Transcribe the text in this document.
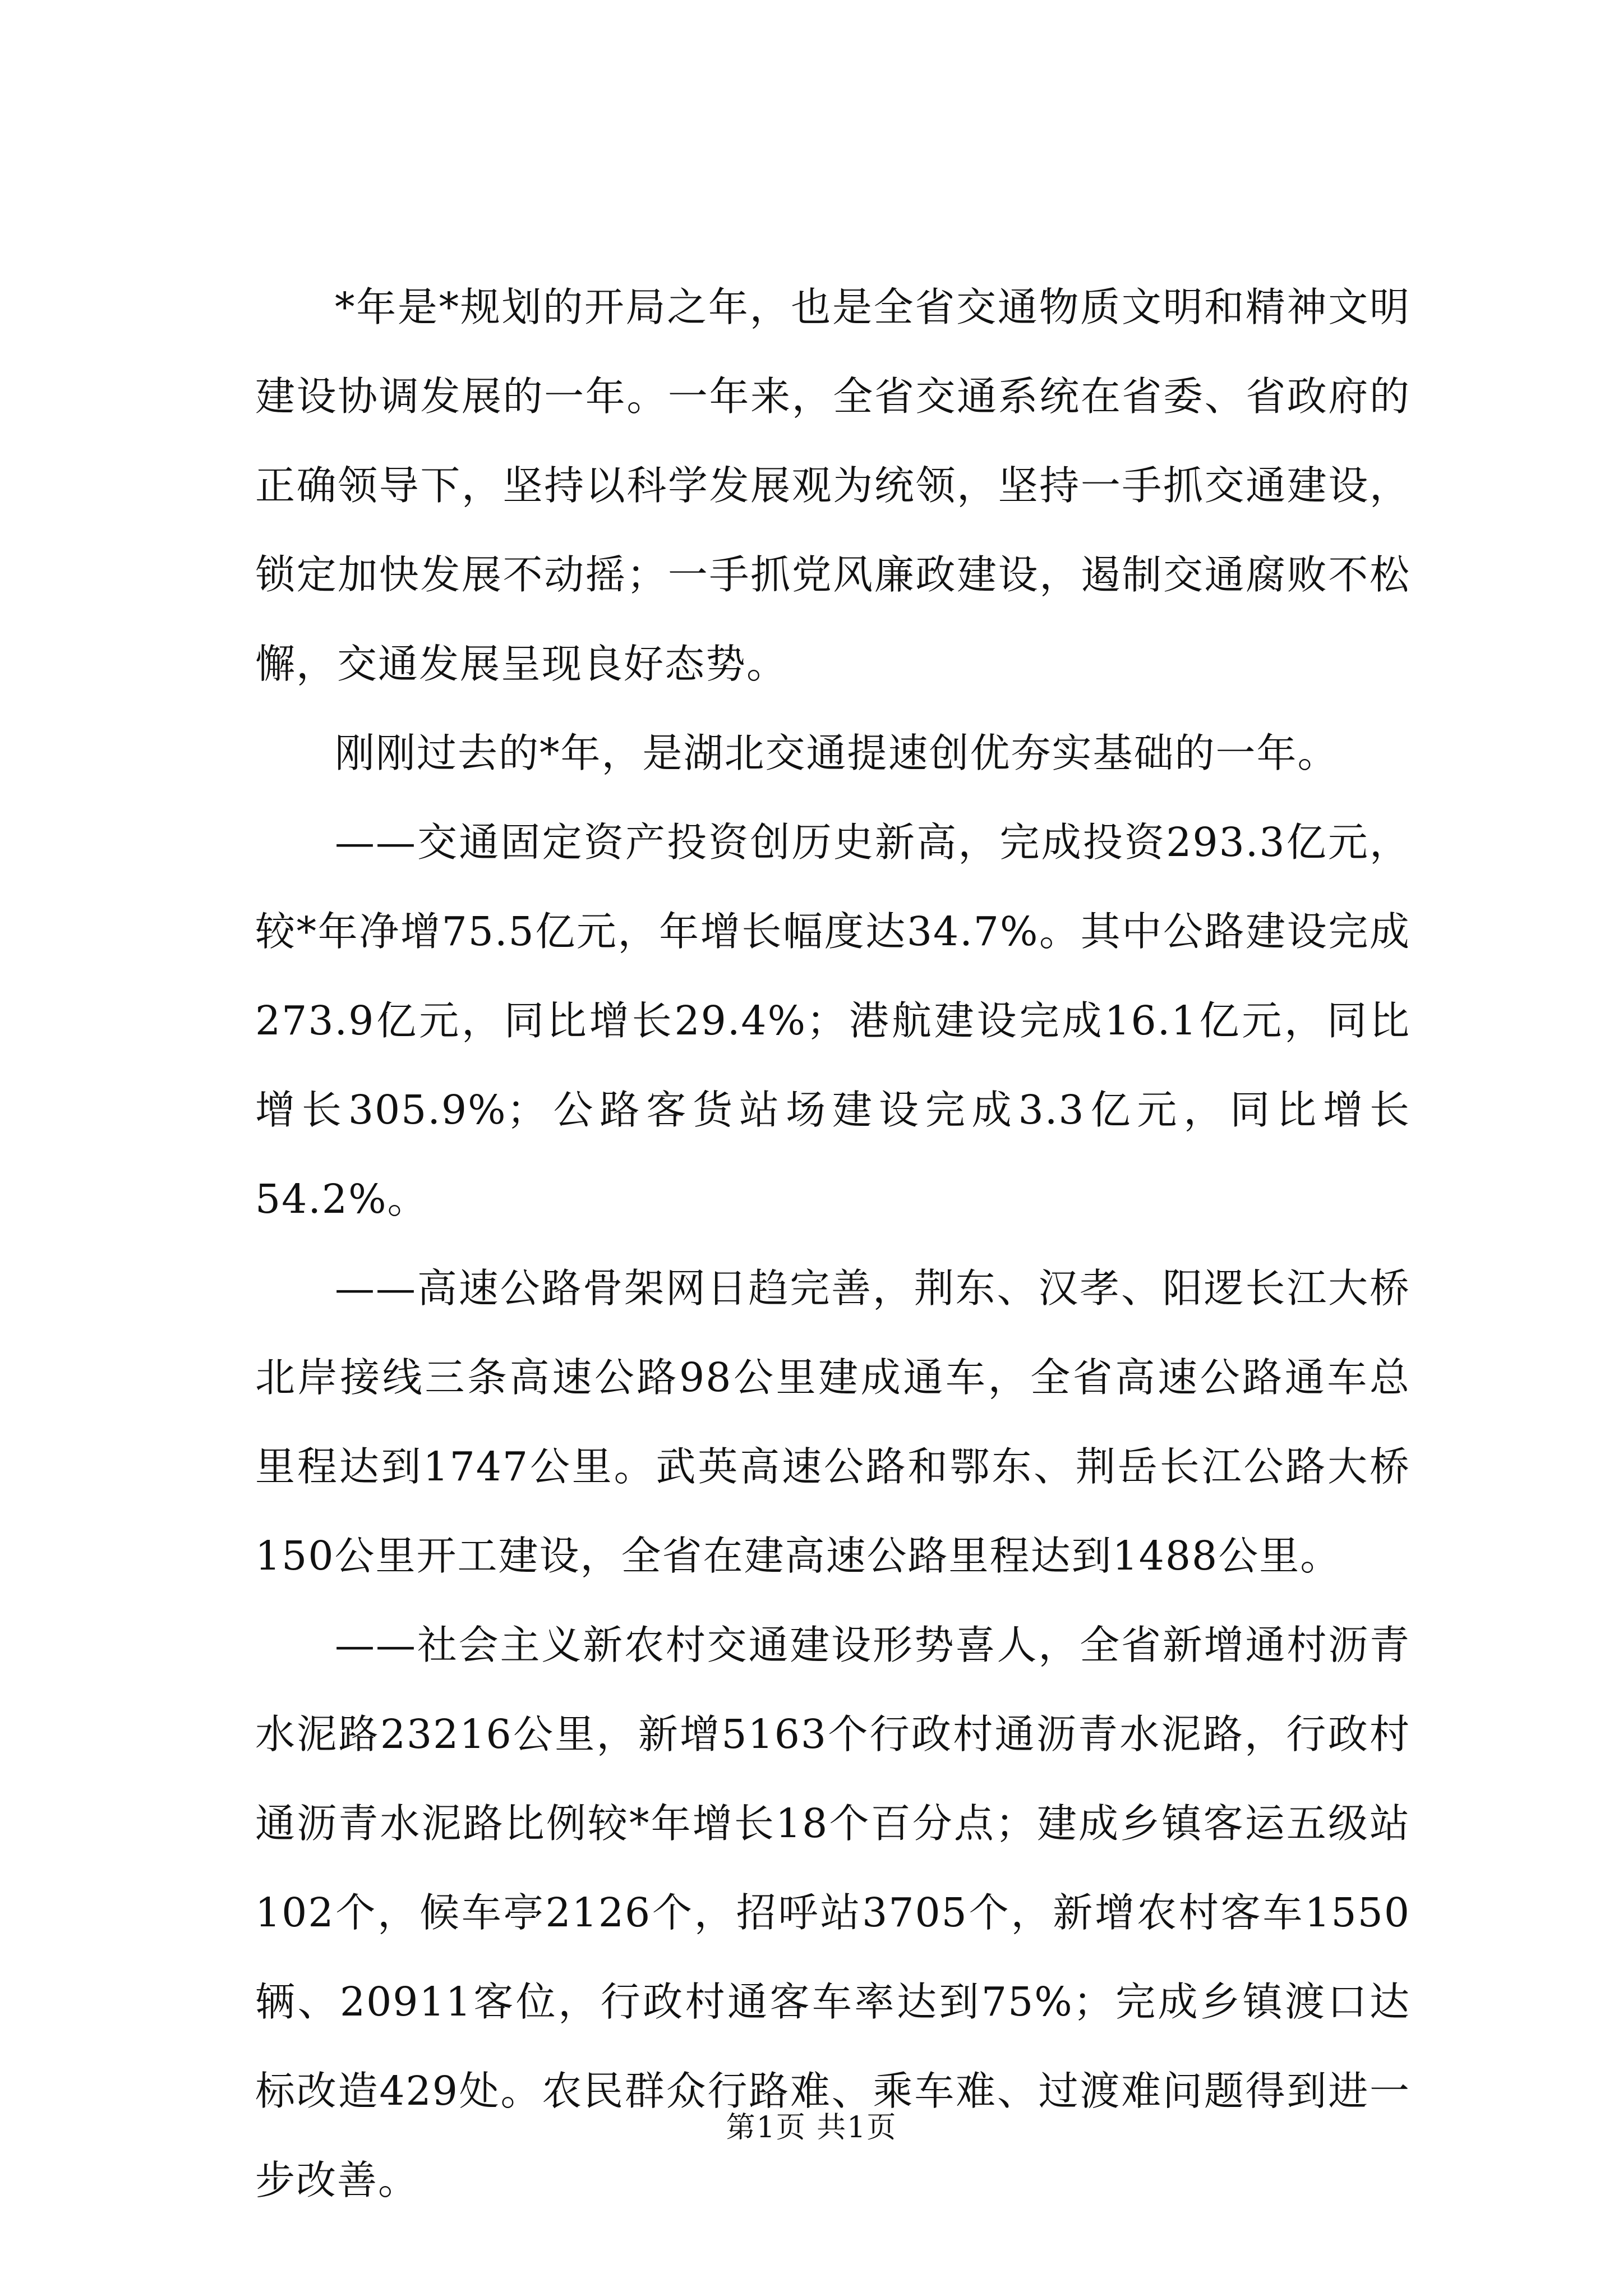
*年是*规划的开局之年，也是全省交通物质文明和精神文明建设协调发展的一年。一年来，全省交通系统在省委、省政府的正确领导下，坚持以科学发展观为统领，坚持一手抓交通建设，锁定加快发展不动摇；一手抓党风廉政建设，遏制交通腐败不松懈，交通发展呈现良好态势。

刚刚过去的*年，是湖北交通提速创优夯实基础的一年。

——交通固定资产投资创历史新高，完成投资293.3亿元，较*年净增75.5亿元，年增长幅度达34.7%。其中公路建设完成273.9亿元，同比增长29.4%；港航建设完成16.1亿元，同比增长305.9%；公路客货站场建设完成3.3亿元，同比增长54.2%。

——高速公路骨架网日趋完善，荆东、汉孝、阳逻长江大桥北岸接线三条高速公路98公里建成通车，全省高速公路通车总里程达到1747公里。武英高速公路和鄂东、荆岳长江公路大桥150公里开工建设，全省在建高速公路里程达到1488公里。

——社会主义新农村交通建设形势喜人，全省新增通村沥青水泥路23216公里，新增5163个行政村通沥青水泥路，行政村通沥青水泥路比例较*年增长18个百分点；建成乡镇客运五级站102个，候车亭2126个，招呼站3705个，新增农村客车1550辆、20911客位，行政村通客车率达到75%；完成乡镇渡口达标改造429处。农民群众行路难、乘车难、过渡难问题得到进一步改善。

第1页 共1页
